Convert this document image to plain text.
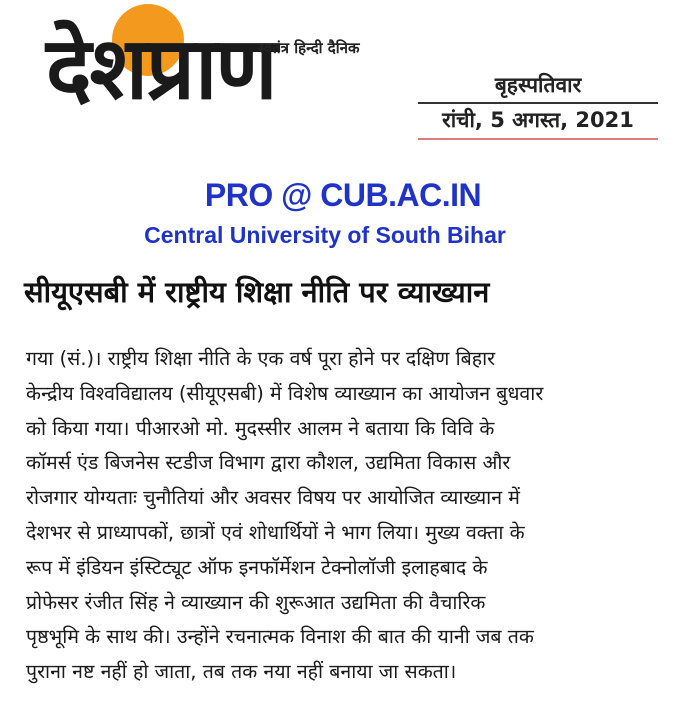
देशप्राण
स्वतंत्र हिन्दी दैनिक
बृहस्पतिवार
रांची, 5 अगस्त, 2021
PRO @ CUB.AC.IN
Central University of South Bihar
सीयूएसबी में राष्ट्रीय शिक्षा नीति पर व्याख्यान

गया (सं.)। राष्ट्रीय शिक्षा नीति के एक वर्ष पूरा होने पर दक्षिण बिहार

केन्द्रीय विश्वविद्यालय (सीयूएसबी) में विशेष व्याख्यान का आयोजन बुधवार

को किया गया। पीआरओ मो. मुदस्सीर आलम ने बताया कि विवि के

कॉमर्स एंड बिजनेस स्टडीज विभाग द्वारा कौशल, उद्यमिता विकास और

रोजगार योग्यताः चुनौतियां और अवसर विषय पर आयोजित व्याख्यान में

देशभर से प्राध्यापकों, छात्रों एवं शोधार्थियों ने भाग लिया। मुख्य वक्ता के

रूप में इंडियन इंस्टिट्यूट ऑफ इनफॉर्मेशन टेक्नोलॉजी इलाहबाद के

प्रोफेसर रंजीत सिंह ने व्याख्यान की शुरूआत उद्यमिता की वैचारिक

पृष्ठभूमि के साथ की। उन्होंने रचनात्मक विनाश की बात की यानी जब तक

पुराना नष्ट नहीं हो जाता, तब तक नया नहीं बनाया जा सकता।
